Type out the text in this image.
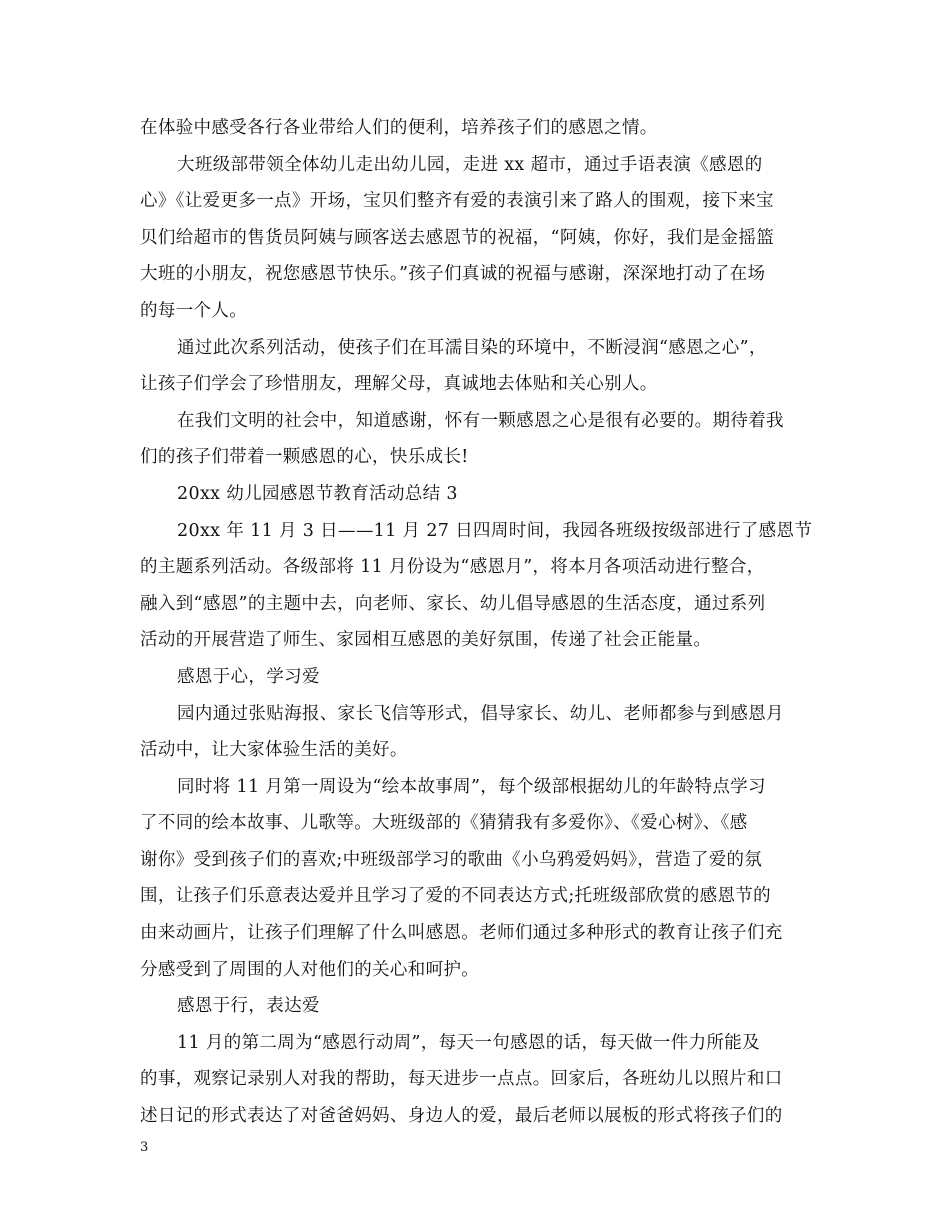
在体验中感受各行各业带给人们的便利，培养孩子们的感恩之情。
大班级部带领全体幼儿走出幼儿园，走进 xx 超市，通过手语表演《感恩的
心》《让爱更多一点》开场，宝贝们整齐有爱的表演引来了路人的围观，接下来宝
贝们给超市的售货员阿姨与顾客送去感恩节的祝福，“阿姨，你好，我们是金摇篮
大班的小朋友，祝您感恩节快乐。”孩子们真诚的祝福与感谢，深深地打动了在场
的每一个人。
通过此次系列活动，使孩子们在耳濡目染的环境中，不断浸润“感恩之心”，
让孩子们学会了珍惜朋友，理解父母，真诚地去体贴和关心别人。
在我们文明的社会中，知道感谢，怀有一颗感恩之心是很有必要的。期待着我
们的孩子们带着一颗感恩的心，快乐成长!
20xx 幼儿园感恩节教育活动总结 3
20xx 年 11 月 3 日——11 月 27 日四周时间，我园各班级按级部进行了感恩节
的主题系列活动。各级部将 11 月份设为“感恩月”，将本月各项活动进行整合，
融入到“感恩”的主题中去，向老师、家长、幼儿倡导感恩的生活态度，通过系列
活动的开展营造了师生、家园相互感恩的美好氛围，传递了社会正能量。
感恩于心，学习爱
园内通过张贴海报、家长飞信等形式，倡导家长、幼儿、老师都参与到感恩月
活动中，让大家体验生活的美好。
同时将 11 月第一周设为“绘本故事周”，每个级部根据幼儿的年龄特点学习
了不同的绘本故事、儿歌等。大班级部的《猜猜我有多爱你》、《爱心树》、《感
谢你》受到孩子们的喜欢;中班级部学习的歌曲《小乌鸦爱妈妈》，营造了爱的氛
围，让孩子们乐意表达爱并且学习了爱的不同表达方式;托班级部欣赏的感恩节的
由来动画片，让孩子们理解了什么叫感恩。老师们通过多种形式的教育让孩子们充
分感受到了周围的人对他们的关心和呵护。
感恩于行，表达爱
11 月的第二周为“感恩行动周”，每天一句感恩的话，每天做一件力所能及
的事，观察记录别人对我的帮助，每天进步一点点。回家后，各班幼儿以照片和口
述日记的形式表达了对爸爸妈妈、身边人的爱，最后老师以展板的形式将孩子们的
3
